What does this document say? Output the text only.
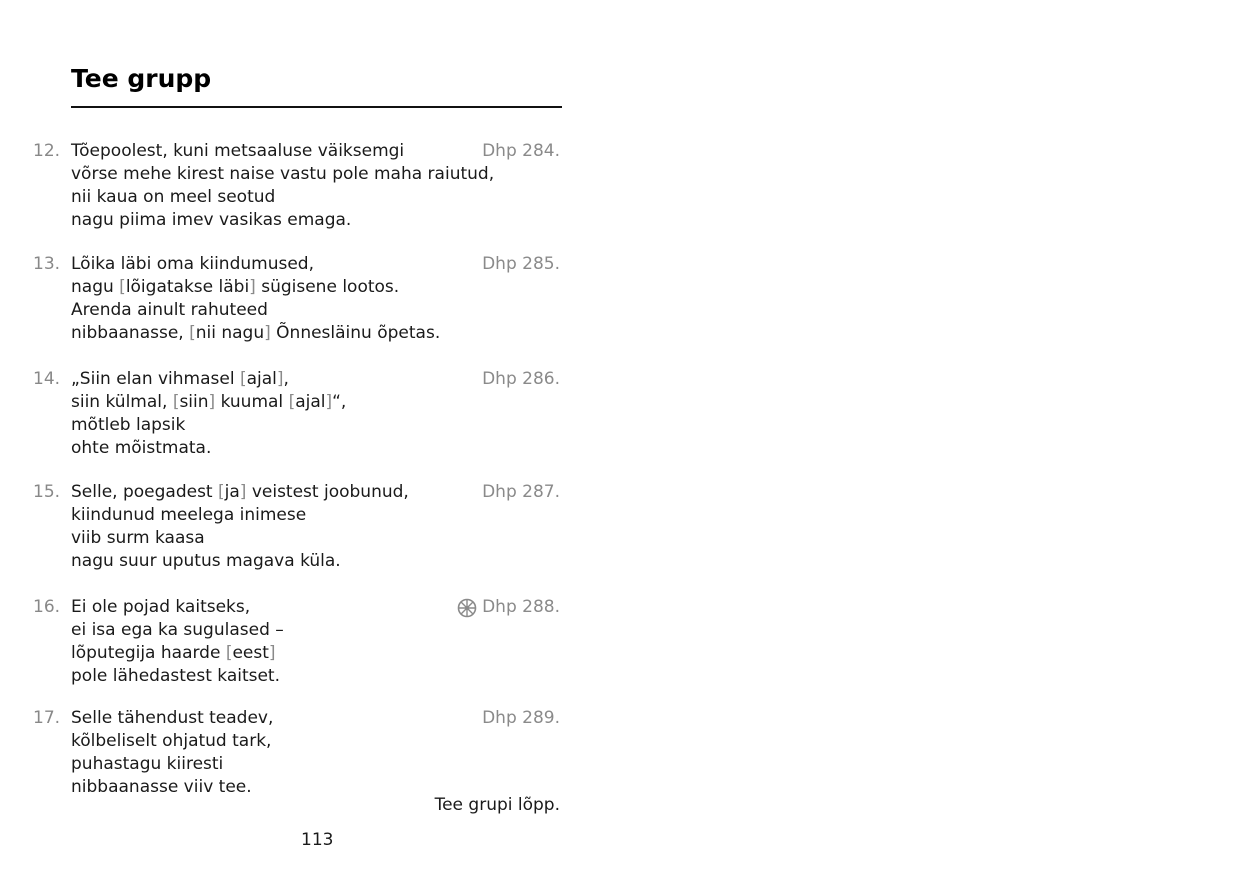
Tee grupp
12. Tõepoolest, kuni metsaaluse väiksemgi
võrse mehe kirest naise vastu pole maha raiutud,
nii kaua on meel seotud
nagu piima imev vasikas emaga.
Dhp 284.
13. Lõika läbi oma kiindumused,
nagu [lõigatakse läbi] sügisene lootos.
Arenda ainult rahuteed
nibbaanasse, [nii nagu] Õnnesläinu õpetas.
Dhp 285.
14. „Siin elan vihmasel [ajal],
siin külmal, [siin] kuumal [ajal]“,
mõtleb lapsik
ohte mõistmata.
Dhp 286.
15. Selle, poegadest [ja] veistest joobunud,
kiindunud meelega inimese
viib surm kaasa
nagu suur uputus magava küla.
Dhp 287.
16. Ei ole pojad kaitseks,
ei isa ega ka sugulased –
lõputegija haarde [eest]
pole lähedastest kaitset.
Dhp 288.
17. Selle tähendust teadev,
kõlbeliselt ohjatud tark,
puhastagu kiiresti
nibbaanasse viiv tee.
Dhp 289.
Tee grupi lõpp.
113
